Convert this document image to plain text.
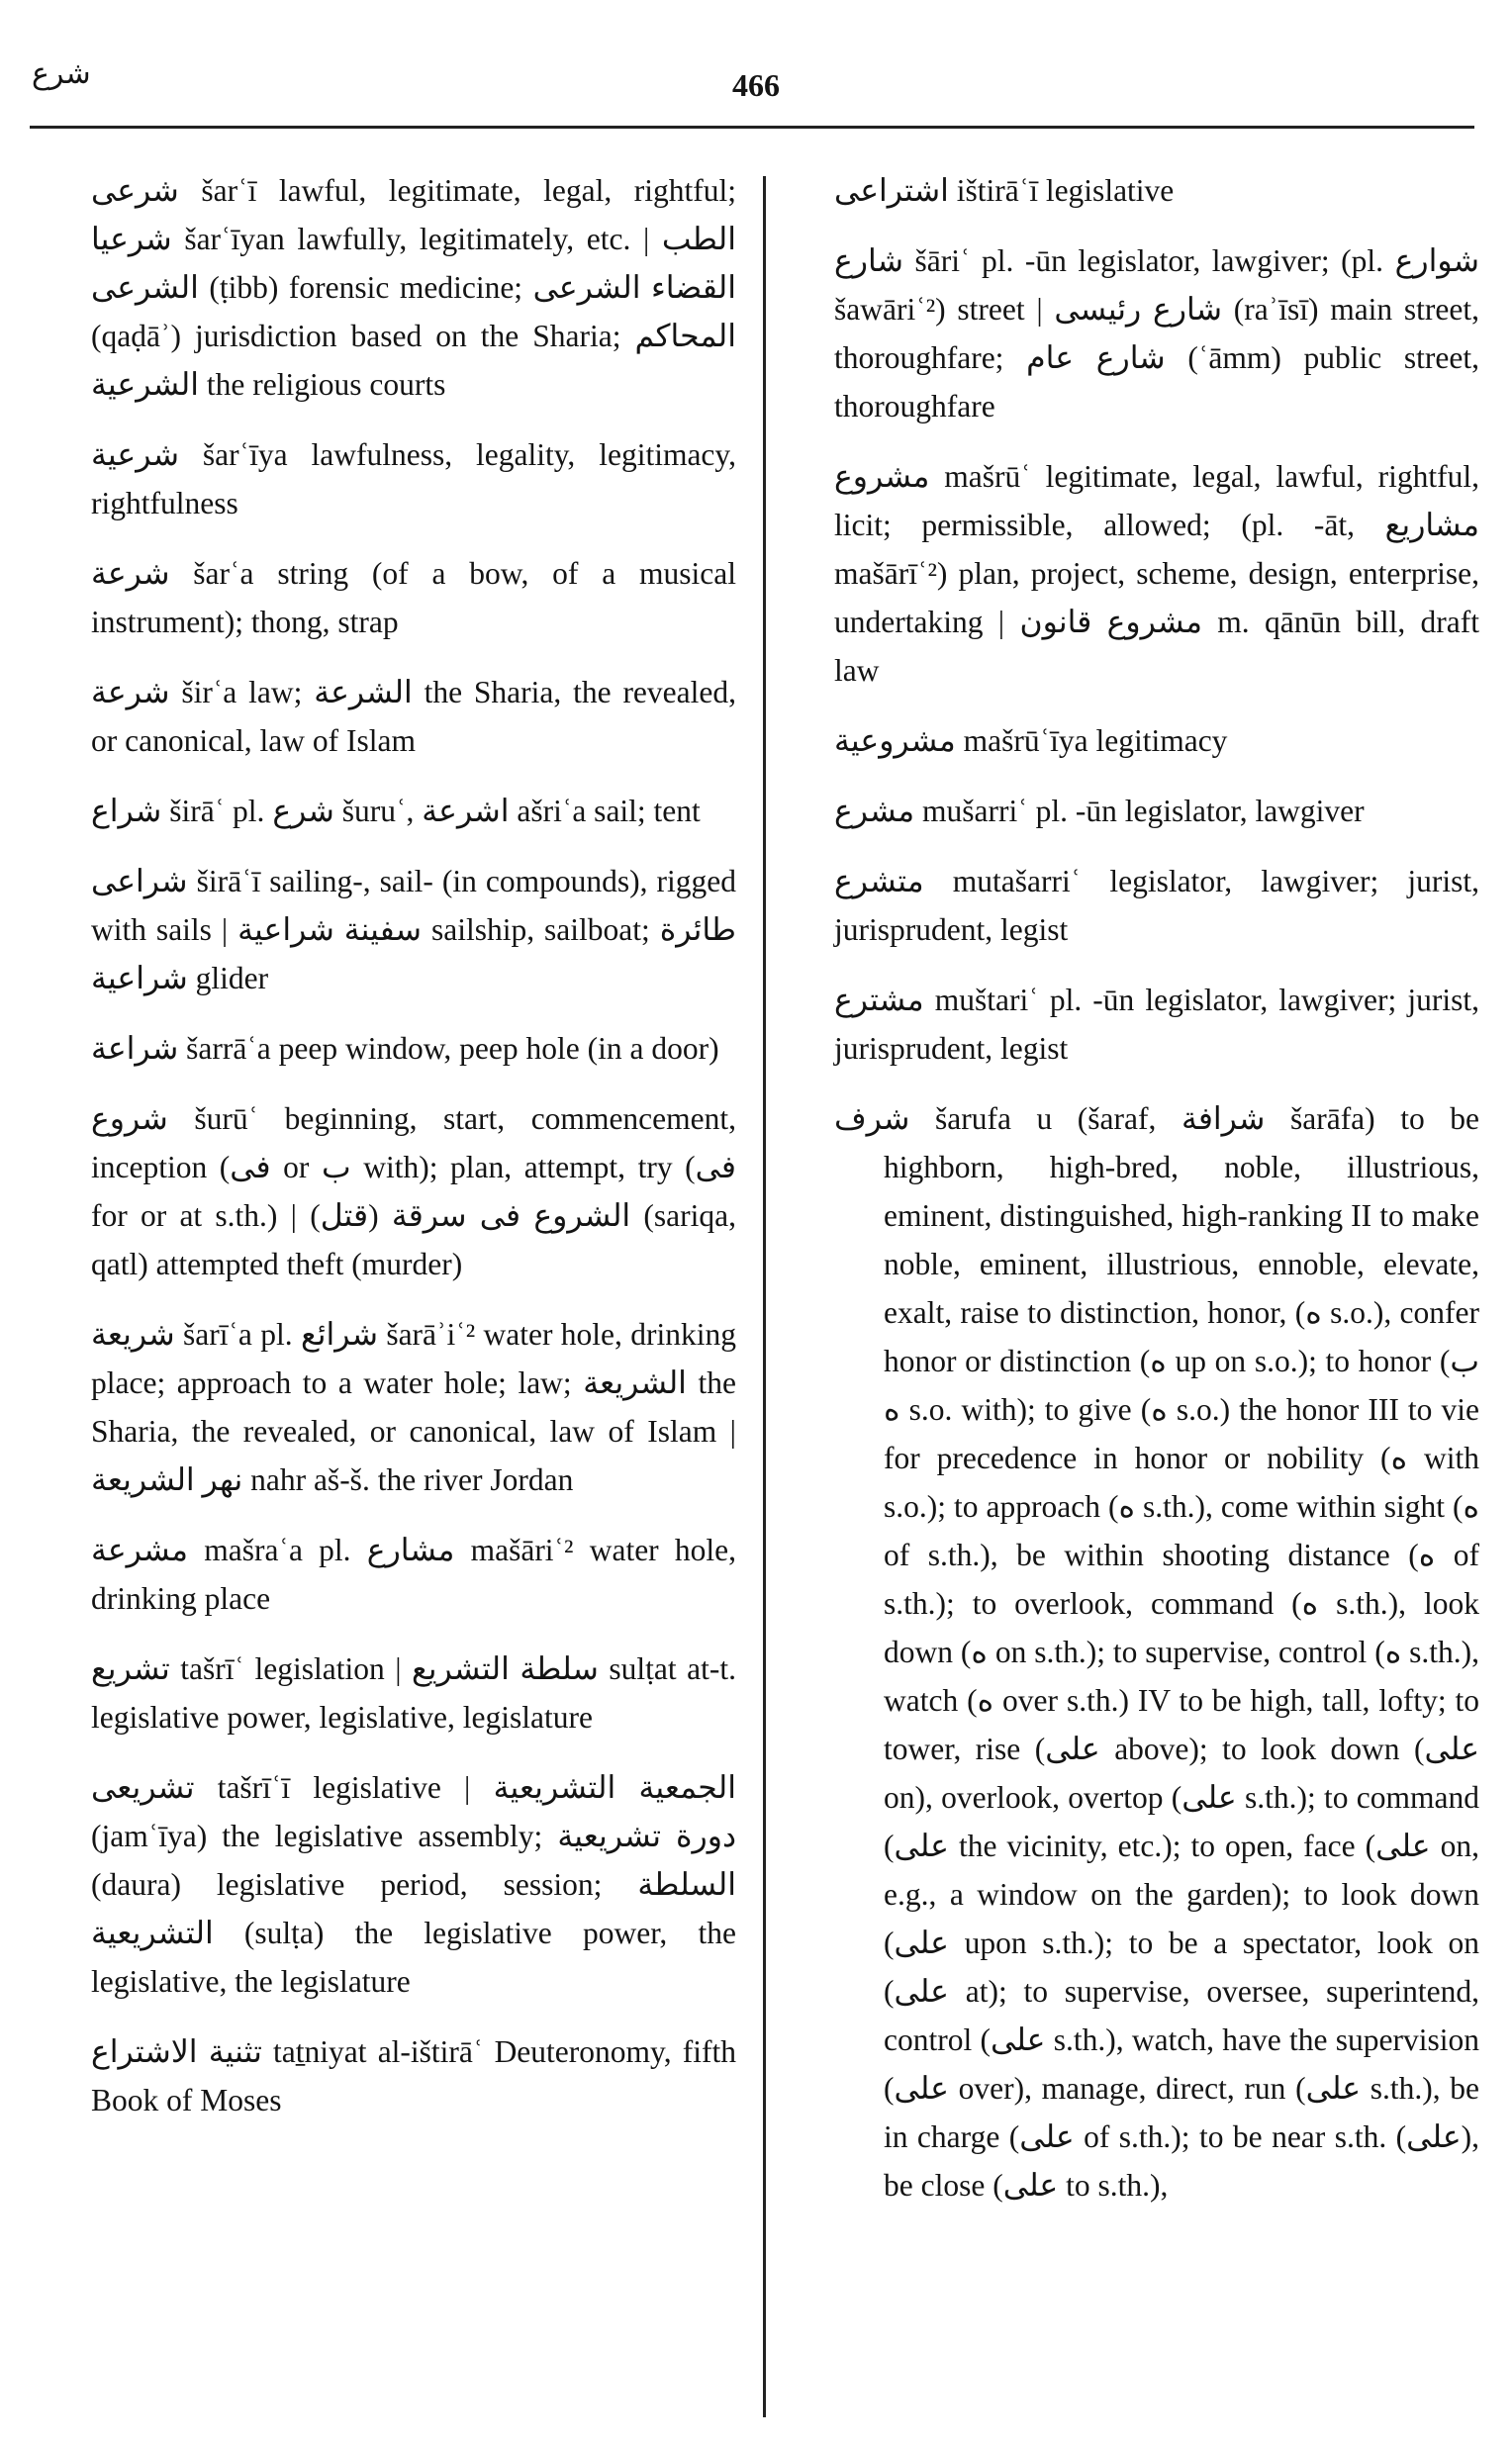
شرع	466

شرعى šarʿī lawful, legitimate, legal, rightful; شرعيا šarʿīyan lawfully, legitimately, etc. | الطب الشرعى (ṭibb) forensic medicine; القضاء الشرعى (qaḍāʾ) jurisdiction based on the Sharia; المحاكم الشرعية the religious courts

شرعية šarʿīya lawfulness, legality, legitimacy, rightfulness

شرعة šarʿa string (of a bow, of a musical instrument); thong, strap

شرعة širʿa law; الشرعة the Sharia, the revealed, or canonical, law of Islam

شراع širāʿ pl. شرع šuruʿ, اشرعة ašriʿa sail; tent

شراعى širāʿī sailing-, sail- (in compounds), rigged with sails | سفينة شراعية sailship, sailboat; طائرة شراعية glider

شراعة šarrāʿa peep window, peep hole (in a door)

شروع šurūʿ beginning, start, commencement, inception (فى or ب with); plan, attempt, try (فى for or at s.th.) | الشروع فى سرقة (قتل) (sariqa, qatl) attempted theft (murder)

شريعة šarīʿa pl. شرائع šarāʾiʿ² water hole, drinking place; approach to a water hole; law; الشريعة the Sharia, the revealed, or canonical, law of Islam | نهر الشريعة nahr aš-š. the river Jordan

مشرعة mašraʿa pl. مشارع mašāriʿ² water hole, drinking place

تشريع tašrīʿ legislation | سلطة التشريع sulṭat at-t. legislative power, legislative, legislature

تشريعى tašrīʿī legislative | الجمعية التشريعية (jamʿīya) the legislative assembly; دورة تشريعية (daura) legislative period, session; السلطة التشريعية (sulṭa) the legislative power, the legislative, the legislature

تثنية الاشتراع taṯniyat al-ištirāʿ Deuteronomy, fifth Book of Moses

اشتراعى ištirāʿī legislative

شارع šāriʿ pl. -ūn legislator, lawgiver; (pl. شوارع šawāriʿ²) street | شارع رئيسى (raʾīsī) main street, thoroughfare; شارع عام (ʿāmm) public street, thoroughfare

مشروع mašrūʿ legitimate, legal, lawful, rightful, licit; permissible, allowed; (pl. -āt, مشاريع mašārīʿ²) plan, project, scheme, design, enterprise, undertaking | مشروع قانون m. qānūn bill, draft law

مشروعية mašrūʿīya legitimacy

مشرع mušarriʿ pl. -ūn legislator, lawgiver

متشرع mutašarriʿ legislator, lawgiver; jurist, jurisprudent, legist

مشترع muštariʿ pl. -ūn legislator, lawgiver; jurist, jurisprudent, legist

شرف šarufa u (šaraf, شرافة šarāfa) to be highborn, high-bred, noble, illustrious, eminent, distinguished, high-ranking II to make noble, eminent, illustrious, ennoble, elevate, exalt, raise to distinction, honor, (ه s.o.), confer honor or distinction (ه up on s.o.); to honor (ب ه s.o. with); to give (ه s.o.) the honor III to vie for precedence in honor or nobility (ه with s.o.); to approach (ه s.th.), come within sight (ه of s.th.), be within shooting distance (ه of s.th.); to overlook, command (ه s.th.), look down (ه on s.th.); to supervise, control (ه s.th.), watch (ه over s.th.) IV to be high, tall, lofty; to tower, rise (على above); to look down (على on), overlook, overtop (على s.th.); to command (على the vicinity, etc.); to open, face (على on, e.g., a window on the garden); to look down (على upon s.th.); to be a spectator, look on (على at); to supervise, oversee, superintend, control (على s.th.), watch, have the supervision (على over), manage, direct, run (على s.th.), be in charge (على of s.th.); to be near s.th. (على), be close (على to s.th.),
